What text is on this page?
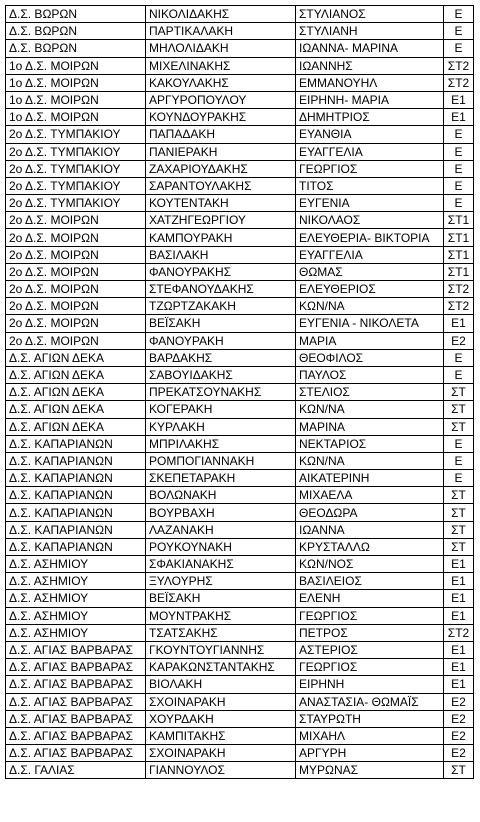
Δ.Σ. ΒΩΡΩΝ	ΝΙΚΟΛΙΔΑΚΗΣ	ΣΤΥΛΙΑΝΟΣ	Ε
Δ.Σ. ΒΩΡΩΝ	ΠΑΡΤΙΚΑΛΑΚΗ	ΣΤΥΛΙΑΝΗ	Ε
Δ.Σ. ΒΩΡΩΝ	ΜΗΛΟΛΙΔΑΚΗ	ΙΩΑΝΝΑ- ΜΑΡΙΝΑ	Ε
1ο Δ.Σ. ΜΟΙΡΩΝ	ΜΙΧΕΛΙΝΑΚΗΣ	ΙΩΑΝΝΗΣ	ΣΤ2
1ο Δ.Σ. ΜΟΙΡΩΝ	ΚΑΚΟΥΛΑΚΗΣ	ΕΜΜΑΝΟΥΗΛ	ΣΤ2
1ο Δ.Σ. ΜΟΙΡΩΝ	ΑΡΓΥΡΟΠΟΥΛΟΥ	ΕΙΡΗΝΗ- ΜΑΡΙΑ	Ε1
1ο Δ.Σ. ΜΟΙΡΩΝ	ΚΟΥΝΔΟΥΡΑΚΗΣ	ΔΗΜΗΤΡΙΟΣ	Ε1
2ο Δ.Σ. ΤΥΜΠΑΚΙΟΥ	ΠΑΠΑΔΑΚΗ	ΕΥΑΝΘΙΑ	Ε
2ο Δ.Σ. ΤΥΜΠΑΚΙΟΥ	ΠΑΝΙΕΡΑΚΗ	ΕΥΑΓΓΕΛΙΑ	Ε
2ο Δ.Σ. ΤΥΜΠΑΚΙΟΥ	ΖΑΧΑΡΙΟΥΔΑΚΗΣ	ΓΕΩΡΓΙΟΣ	Ε
2ο Δ.Σ. ΤΥΜΠΑΚΙΟΥ	ΣΑΡΑΝΤΟΥΛΑΚΗΣ	ΤΙΤΟΣ	Ε
2ο Δ.Σ. ΤΥΜΠΑΚΙΟΥ	ΚΟΥΤΕΝΤΑΚΗ	ΕΥΓΕΝΙΑ	Ε
2ο Δ.Σ. ΜΟΙΡΩΝ	ΧΑΤΖΗΓΕΩΡΓΙΟΥ	ΝΙΚΟΛΑΟΣ	ΣΤ1
2ο Δ.Σ. ΜΟΙΡΩΝ	ΚΑΜΠΟΥΡΑΚΗ	ΕΛΕΥΘΕΡΙΑ- ΒΙΚΤΟΡΙΑ	ΣΤ1
2ο Δ.Σ. ΜΟΙΡΩΝ	ΒΑΣΙΛΑΚΗ	ΕΥΑΓΓΕΛΙΑ	ΣΤ1
2ο Δ.Σ. ΜΟΙΡΩΝ	ΦΑΝΟΥΡΑΚΗΣ	ΘΩΜΑΣ	ΣΤ1
2ο Δ.Σ. ΜΟΙΡΩΝ	ΣΤΕΦΑΝΟΥΔΑΚΗΣ	ΕΛΕΥΘΕΡΙΟΣ	ΣΤ2
2ο Δ.Σ. ΜΟΙΡΩΝ	ΤΖΩΡΤΖΑΚΑΚΗ	ΚΩΝ/ΝΑ	ΣΤ2
2ο Δ.Σ. ΜΟΙΡΩΝ	ΒΕΪΣΑΚΗ	ΕΥΓΕΝΙΑ - ΝΙΚΟΛΕΤΑ	Ε1
2ο Δ.Σ. ΜΟΙΡΩΝ	ΦΑΝΟΥΡΑΚΗ	ΜΑΡΙΑ	Ε2
Δ.Σ. ΑΓΙΩΝ ΔΕΚΑ	ΒΑΡΔΑΚΗΣ	ΘΕΟΦΙΛΟΣ	Ε
Δ.Σ. ΑΓΙΩΝ ΔΕΚΑ	ΣΑΒΟΥΙΔΑΚΗΣ	ΠΑΥΛΟΣ	Ε
Δ.Σ. ΑΓΙΩΝ ΔΕΚΑ	ΠΡΕΚΑΤΣΟΥΝΑΚΗΣ	ΣΤΕΛΙΟΣ	ΣΤ
Δ.Σ. ΑΓΙΩΝ ΔΕΚΑ	ΚΟΓΕΡΑΚΗ	ΚΩΝ/ΝΑ	ΣΤ
Δ.Σ. ΑΓΙΩΝ ΔΕΚΑ	ΚΥΡΛΑΚΗ	ΜΑΡΙΝΑ	ΣΤ
Δ.Σ. ΚΑΠΑΡΙΑΝΩΝ	ΜΠΡΙΛΑΚΗΣ	ΝΕΚΤΑΡΙΟΣ	Ε
Δ.Σ. ΚΑΠΑΡΙΑΝΩΝ	ΡΟΜΠΟΓΙΑΝΝΑΚΗ	ΚΩΝ/ΝΑ	Ε
Δ.Σ. ΚΑΠΑΡΙΑΝΩΝ	ΣΚΕΠΕΤΑΡΑΚΗ	ΑΙΚΑΤΕΡΙΝΗ	Ε
Δ.Σ. ΚΑΠΑΡΙΑΝΩΝ	ΒΟΛΩΝΑΚΗ	ΜΙΧΑΕΛΑ	ΣΤ
Δ.Σ. ΚΑΠΑΡΙΑΝΩΝ	ΒΟΥΡΒΑΧΗ	ΘΕΟΔΩΡΑ	ΣΤ
Δ.Σ. ΚΑΠΑΡΙΑΝΩΝ	ΛΑΖΑΝΑΚΗ	ΙΩΑΝΝΑ	ΣΤ
Δ.Σ. ΚΑΠΑΡΙΑΝΩΝ	ΡΟΥΚΟΥΝΑΚΗ	ΚΡΥΣΤΑΛΛΩ	ΣΤ
Δ.Σ. ΑΣΗΜΙΟΥ	ΣΦΑΚΙΑΝΑΚΗΣ	ΚΩΝ/ΝΟΣ	Ε1
Δ.Σ. ΑΣΗΜΙΟΥ	ΞΥΛΟΥΡΗΣ	ΒΑΣΙΛΕΙΟΣ	Ε1
Δ.Σ. ΑΣΗΜΙΟΥ	ΒΕΪΣΑΚΗ	ΕΛΕΝΗ	Ε1
Δ.Σ. ΑΣΗΜΙΟΥ	ΜΟΥΝΤΡΑΚΗΣ	ΓΕΩΡΓΙΟΣ	Ε1
Δ.Σ. ΑΣΗΜΙΟΥ	ΤΣΑΤΣΑΚΗΣ	ΠΕΤΡΟΣ	ΣΤ2
Δ.Σ. ΑΓΙΑΣ ΒΑΡΒΑΡΑΣ	ΓΚΟΥΝΤΟΥΓΙΑΝΝΗΣ	ΑΣΤΕΡΙΟΣ	Ε1
Δ.Σ. ΑΓΙΑΣ ΒΑΡΒΑΡΑΣ	ΚΑΡΑΚΩΝΣΤΑΝΤΑΚΗΣ	ΓΕΩΡΓΙΟΣ	Ε1
Δ.Σ. ΑΓΙΑΣ ΒΑΡΒΑΡΑΣ	ΒΙΟΛΑΚΗ	ΕΙΡΗΝΗ	Ε1
Δ.Σ. ΑΓΙΑΣ ΒΑΡΒΑΡΑΣ	ΣΧΟΙΝΑΡΑΚΗ	ΑΝΑΣΤΑΣΙΑ- ΘΩΜΑΪΣ	Ε2
Δ.Σ. ΑΓΙΑΣ ΒΑΡΒΑΡΑΣ	ΧΟΥΡΔΑΚΗ	ΣΤΑΥΡΩΤΗ	Ε2
Δ.Σ. ΑΓΙΑΣ ΒΑΡΒΑΡΑΣ	ΚΑΜΠΙΤΑΚΗΣ	ΜΙΧΑΗΛ	Ε2
Δ.Σ. ΑΓΙΑΣ ΒΑΡΒΑΡΑΣ	ΣΧΟΙΝΑΡΑΚΗ	ΑΡΓΥΡΗ	Ε2
Δ.Σ. ΓΑΛΙΑΣ	ΓΙΑΝΝΟΥΛΟΣ	ΜΥΡΩΝΑΣ	ΣΤ
